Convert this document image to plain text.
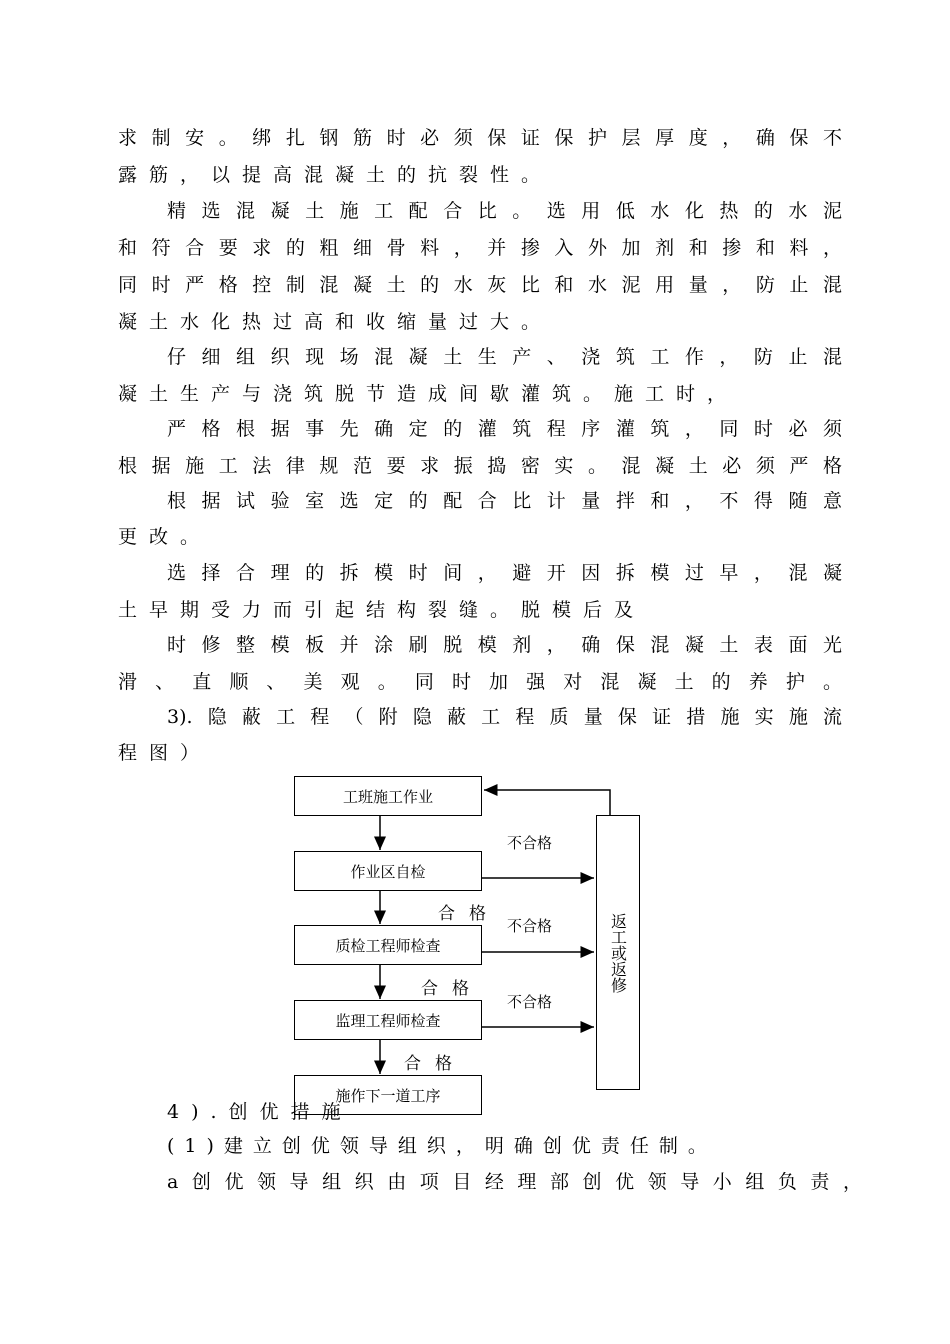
求制安。绑扎钢筋时必须保证保护层厚度，确保不
露筋，以提高混凝土的抗裂性。
精选混凝土施工配合比。选用低水化热的水泥
和符合要求的粗细骨料，并掺入外加剂和掺和料，
同时严格控制混凝土的水灰比和水泥用量，防止混
凝土水化热过高和收缩量过大。
仔细组织现场混凝土生产、浇筑工作，防止混
凝土生产与浇筑脱节造成间歇灌筑。施工时，
严格根据事先确定的灌筑程序灌筑，同时必须
根据施工法律规范要求振捣密实。混凝土必须严格
根据试验室选定的配合比计量拌和，不得随意
更改。
选择合理的拆模时间，避开因拆模过早，混凝
土早期受力而引起结构裂缝。脱模后及
时修整模板并涂刷脱模剂，确保混凝土表面光
滑、直顺、美观。同时加强对混凝土的养护。
3).隐蔽工程（附隐蔽工程质量保证措施实施流
程图）
工班施工作业
作业区自检
质检工程师检查
监理工程师检查
施作下一道工序
返工或返修
不合格
不合格
不合格
合格
合格
合格
4).创优措施
(1)建立创优领导组织，明确创优责任制。
a创优领导组织由项目经理部创优领导小组负责，
